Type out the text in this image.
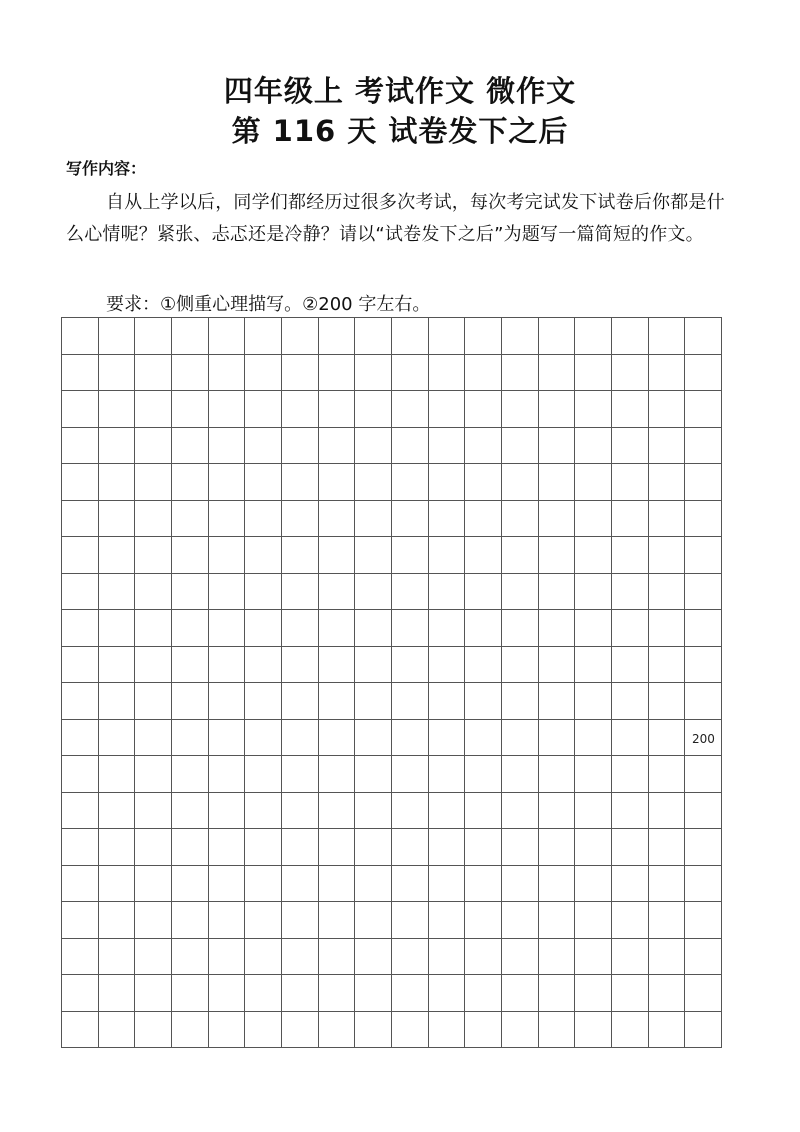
四年级上 考试作文 微作文
第 116 天 试卷发下之后
写作内容：
自从上学以后，同学们都经历过很多次考试，每次考完试发下试卷后你都是什么心情呢？紧张、忐忑还是冷静？请以“试卷发下之后”为题写一篇简短的作文。
要求：①侧重心理描写。②200 字左右。
200
